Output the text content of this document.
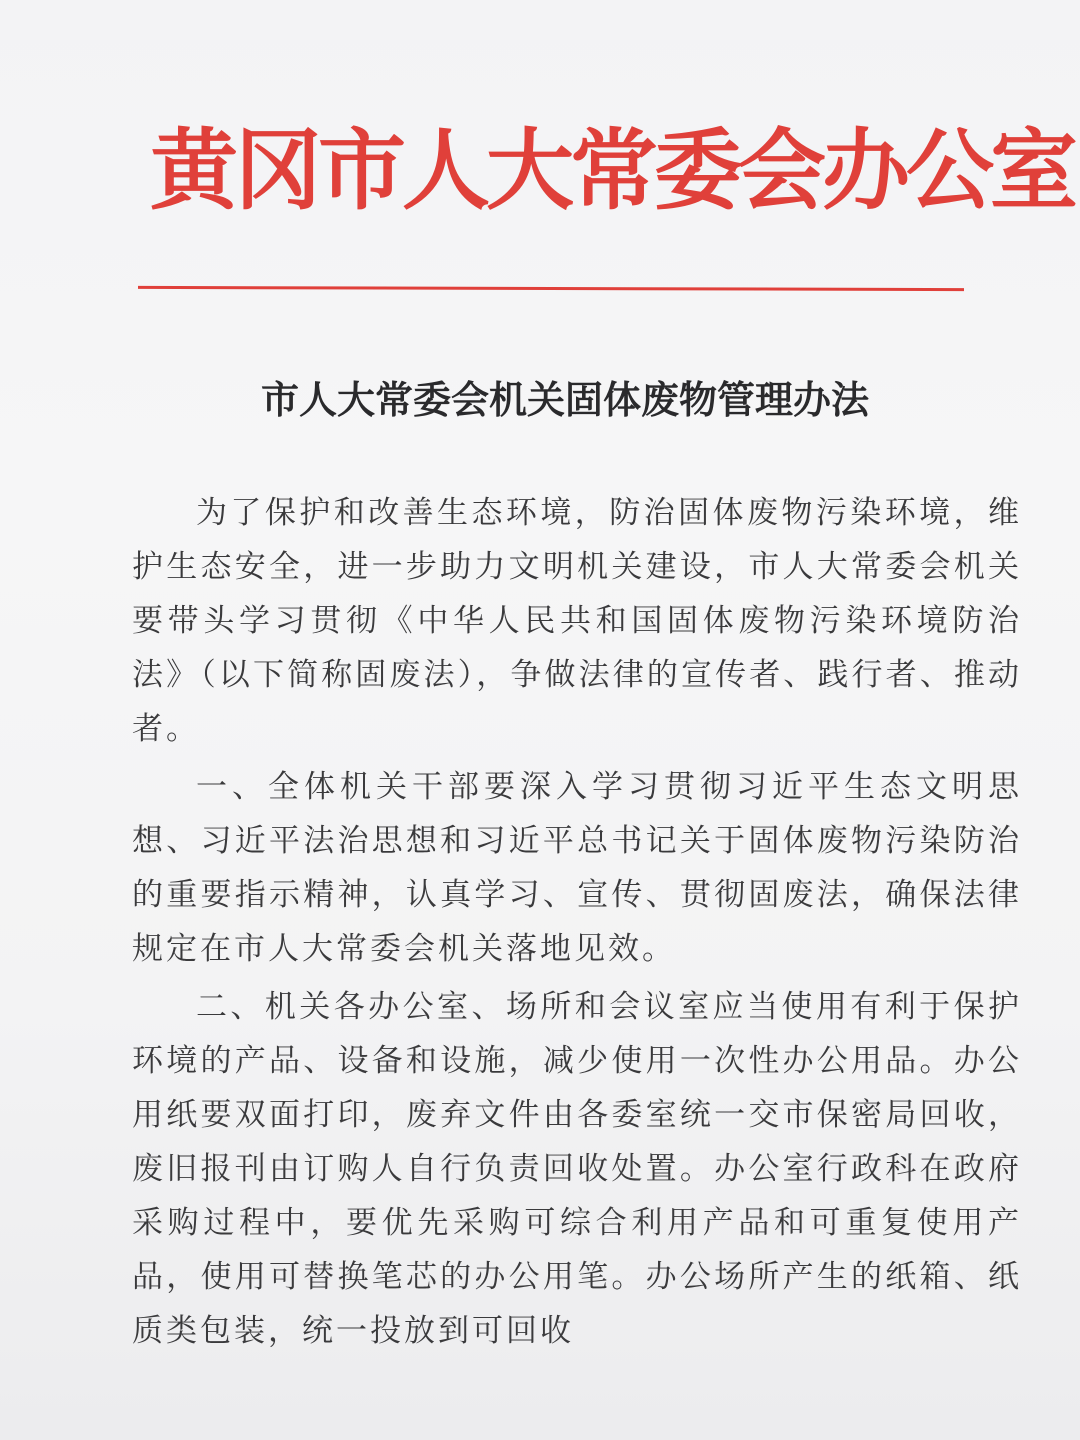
黄冈市人大常委会办公室
市人大常委会机关固体废物管理办法

为了保护和改善生态环境，防治固体废物污染环境，维护生态安全，进一步助力文明机关建设，市人大常委会机关要带头学习贯彻《中华人民共和国固体废物污染环境防治法》（以下简称固废法），争做法律的宣传者、践行者、推动者。

一、全体机关干部要深入学习贯彻习近平生态文明思想、习近平法治思想和习近平总书记关于固体废物污染防治的重要指示精神，认真学习、宣传、贯彻固废法，确保法律规定在市人大常委会机关落地见效。

二、机关各办公室、场所和会议室应当使用有利于保护环境的产品、设备和设施，减少使用一次性办公用品。办公用纸要双面打印，废弃文件由各委室统一交市保密局回收，废旧报刊由订购人自行负责回收处置。办公室行政科在政府采购过程中，要优先采购可综合利用产品和可重复使用产品，使用可替换笔芯的办公用笔。办公场所产生的纸箱、纸质类包装，统一投放到可回收
